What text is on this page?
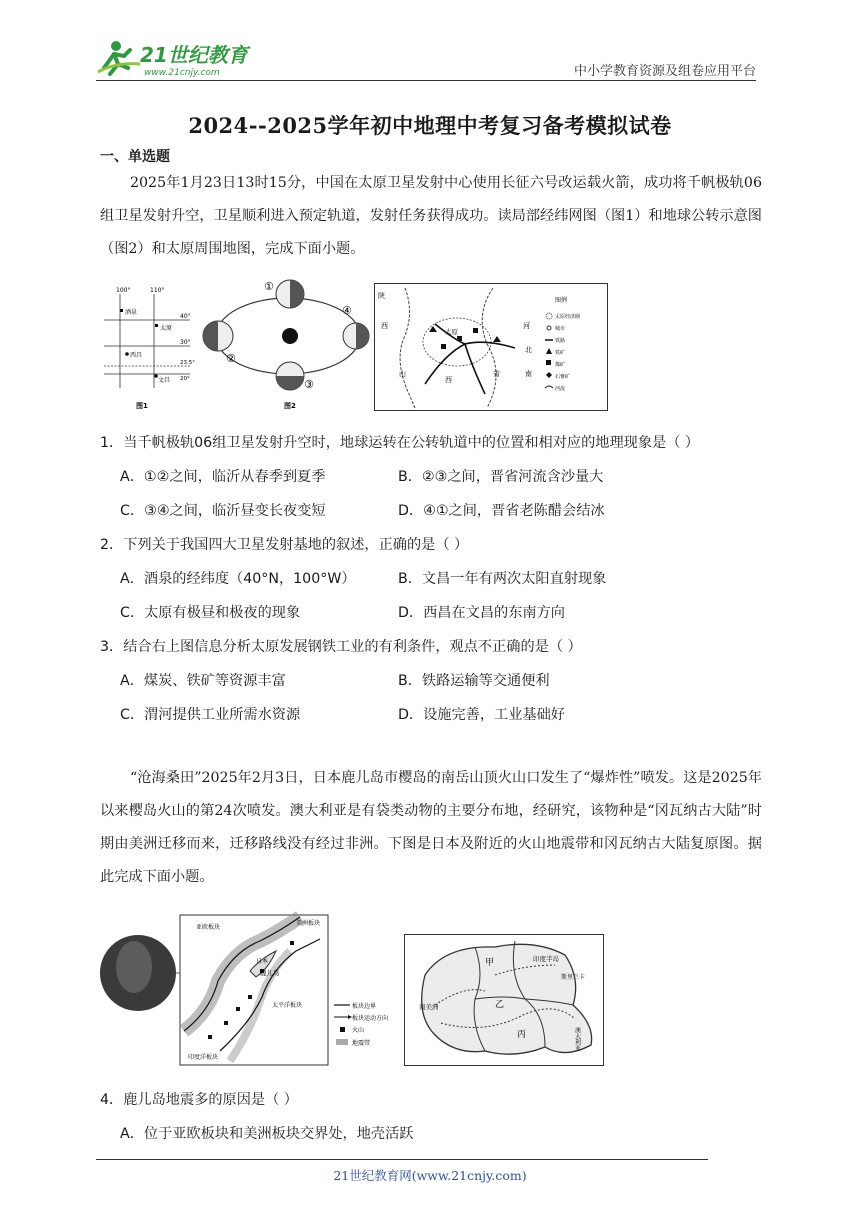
21世纪教育
www.21cnjy.com	中小学教育资源及组卷应用平台
2024--2025学年初中地理中考复习备考模拟试卷
一、单选题
2025年1月23日13时15分，中国在太原卫星发射中心使用长征六号改运载火箭，成功将千帆极轨06组卫星发射升空，卫星顺利进入预定轨道，发射任务获得成功。读局部经纬网图（图1）和地球公转示意图（图2）和太原周围地图，完成下面小题。
100°	110°
40°
30°
23.5°
20°
酒泉
太原
西昌
文昌
图1
①
②
③
④
图2
太原
陕
西
山
西
省
河
北
南
图例
太原经济圈
城市
铁路
铁矿
煤矿
石膏矿
河流
1．当千帆极轨06组卫星发射升空时，地球运转在公转轨道中的位置和相对应的地理现象是（ ）
A．①②之间，临沂从春季到夏季	B．②③之间，晋省河流含沙量大
C．③④之间，临沂昼变长夜变短	D．④①之间，晋省老陈醋会结冰
2．下列关于我国四大卫星发射基地的叙述，正确的是（ ）
A．酒泉的经纬度（40°N，100°W）	B．文昌一年有两次太阳直射现象
C．太原有极昼和极夜的现象	D．西昌在文昌的东南方向
3．结合右上图信息分析太原发展钢铁工业的有利条件，观点不正确的是（ ）
A．煤炭、铁矿等资源丰富	B．铁路运输等交通便利
C．渭河提供工业所需水资源	D．设施完善，工业基础好
“沧海桑田”2025年2月3日，日本鹿儿岛市樱岛的南岳山顶火山口发生了“爆炸性”喷发。这是2025年以来樱岛火山的第24次喷发。澳大利亚是有袋类动物的主要分布地，经研究，该物种是“冈瓦纳古大陆”时期由美洲迁移而来，迁移路线没有经过非洲。下图是日本及附近的火山地震带和冈瓦纳古大陆复原图。据此完成下面小题。
亚欧板块
美洲板块
日本
鹿儿岛
太平洋板块
印度洋板块
板块边界
板块运动方向
火山
地震带
印度半岛
斯里兰卡
甲
乙
丙
南美洲
澳大利亚
4．鹿儿岛地震多的原因是（ ）
A．位于亚欧板块和美洲板块交界处，地壳活跃
21世纪教育网(www.21cnjy.com)
